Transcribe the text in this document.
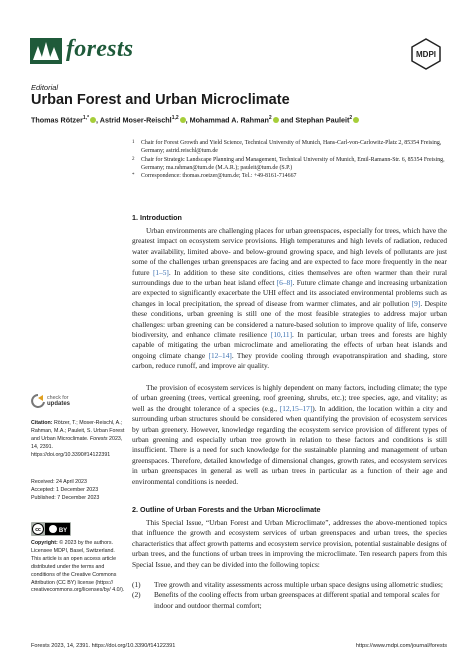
forests	MDPI
Editorial
Urban Forest and Urban Microclimate
Thomas Rötzer$^{1,*}$ , Astrid Moser-Reischl$^{1,2}$ , Mohammad A. Rahman$^2$ and Stephan Pauleit$^2$
1	Chair for Forest Growth and Yield Science, Technical University of Munich, Hans-Carl-von-Carlowitz-Platz 2, 85354 Freising, Germany; astrid.reischl@tum.de
2	Chair for Strategic Landscape Planning and Management, Technical University of Munich, Emil-Ramann-Str. 6, 85354 Freising, Germany; ma.rahman@tum.de (M.A.R.); pauleit@tum.de (S.P.)
*	Correspondence: thomas.roetzer@tum.de; Tel.: +49-8161-714667
check for
updates
Citation: Rötzer, T.; Moser-Reischl, A.; Rahman, M.A.; Pauleit, S. Urban Forest and Urban Microclimate. Forests 2023, 14, 2391. https://doi.org/10.3390/f14122391
Received: 24 April 2023
Accepted: 1 December 2023
Published: 7 December 2023
cc	BY
Copyright: © 2023 by the authors. Licensee MDPI, Basel, Switzerland. This article is an open access article distributed under the terms and conditions of the Creative Commons Attribution (CC BY) license (https:// creativecommons.org/licenses/by/ 4.0/).
1. Introduction
Urban environments are challenging places for urban greenspaces, especially for trees, which have the greatest impact on ecosystem service provisions. High temperatures and high levels of radiation, reduced water availability, limited above- and below-ground growing space, and high levels of pollutants are just some of the challenges urban greenspaces are facing and are expected to face more frequently in the near future [1–5]. In addition to these site conditions, cities themselves are often warmer than their rural surroundings due to the urban heat island effect [6–8]. Future climate change and increasing urbanization are expected to significantly exacerbate the UHI effect and its associated environmental problems such as changes in local precipitation, the spread of disease from warmer climates, and air pollution [9]. Despite these conditions, urban greening is still one of the most feasible strategies to address major urban challenges: urban greening can be considered a nature-based solution to improve quality of life, conserve biodiversity, and enhance climate resilience [10,11]. In particular, urban trees and forests are highly capable of mitigating the urban microclimate and ameliorating the effects of urban heat islands and ongoing climate change [12–14]. They provide cooling through evapotranspiration and shading, store carbon, reduce runoff, and improve air quality.
The provision of ecosystem services is highly dependent on many factors, including climate; the type of urban greening (trees, vertical greening, roof greening, shrubs, etc.); tree species, age, and vitality; as well as the drought tolerance of a species (e.g., [12,15–17]). In addition, the location within a city and surrounding urban structures should be considered when quantifying the provision of ecosystem services by urban greenery. However, knowledge regarding the ecosystem service provision of different types of urban greening and especially urban tree growth in relation to these factors and conditions is still insufficient. There is a need for such knowledge for the sustainable planning and management of urban greenspaces. Therefore, detailed knowledge of dimensional changes, growth rates, and ecosystem services in urban greenspaces in general as well as urban trees in particular as a function of their age and environmental conditions is needed.
2. Outline of Urban Forests and the Urban Microclimate
This Special Issue, “Urban Forest and Urban Microclimate”, addresses the above-mentioned topics that influence the growth and ecosystem services of urban greenspaces and urban trees, the species characteristics that affect growth patterns and ecosystem service provision, potential sustainable designs of urban trees, and the functions of urban trees in improving the microclimate. Ten research papers from this Special Issue, and they can be divided into the following topics:
(1)	Tree growth and vitality assessments across multiple urban space designs using allometric studies;
(2)	Benefits of the cooling effects from urban greenspaces at different spatial and temporal scales for indoor and outdoor thermal comfort;
Forests 2023, 14, 2391. https://doi.org/10.3390/f14122391	https://www.mdpi.com/journal/forests
